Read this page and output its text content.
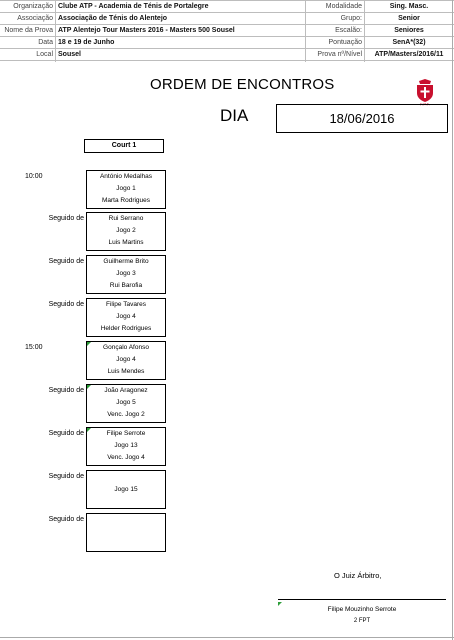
Organização Clube ATP - Academia de Ténis de Portalegre	Modalidade	Sing. Masc.
Associação Associação de Ténis do Alentejo	Grupo:	Senior
Nome da Prova ATP Alentejo Tour Masters 2016 - Masters 500 Sousel	Escalão:	Seniores
Data 18 e 19 de Junho	Pontuação	SenA*(32)
Local Sousel	Prova nº/Nível	ATP/Masters/2016/11
ORDEM DE ENCONTROS
F.P.T.
DIA	18/06/2016
Court 1
10:00	António Medalhas
Jogo 1
Marta Rodrigues
Seguido de	Rui Serrano
Jogo 2
Luis Martins
Seguido de	Guilherme Brito
Jogo 3
Rui Barofia
Seguido de	Filipe Tavares
Jogo 4
Helder Rodrigues
15:00	Gonçalo Afonso
Jogo 4
Luis Mendes
Seguido de	João Aragonez
Jogo 5
Venc. Jogo 2
Seguido de	Filipe Serrote
Jogo 13
Venc. Jogo 4
Seguido de
Jogo 15
Seguido de
O Juiz Árbitro,
Filipe Mouzinho Serrote
2 FPT
